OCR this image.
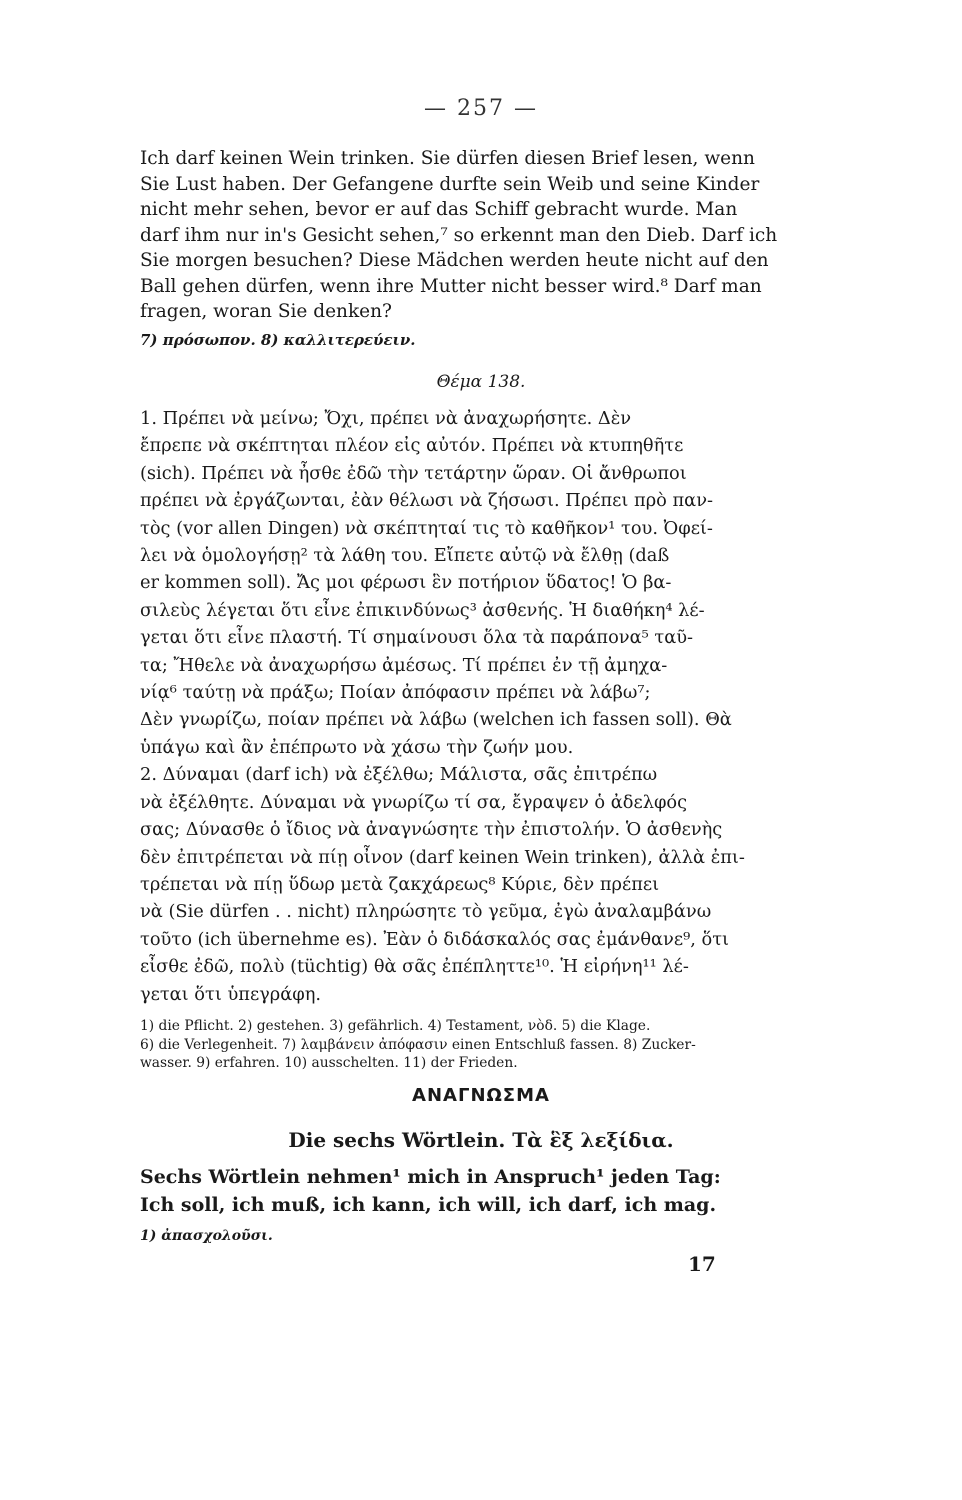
— 257 —
Ich darf keinen Wein trinken. Sie dürfen diesen Brief lesen, wenn
Sie Lust haben. Der Gefangene durfte sein Weib und seine Kinder
nicht mehr sehen, bevor er auf das Schiff gebracht wurde. Man
darf ihm nur in's Gesicht sehen,⁷ so erkennt man den Dieb. Darf ich
Sie morgen besuchen? Diese Mädchen werden heute nicht auf den
Ball gehen dürfen, wenn ihre Mutter nicht besser wird.⁸ Darf man
fragen, woran Sie denken?
7) πρόσωπον. 8) καλλιτερεύειν.
Θέμα 138.
1. Πρέπει νὰ μείνω; Ὄχι, πρέπει νὰ ἀναχωρήσητε. Δὲν
ἔπρεπε νὰ σκέπτηται πλέον εἰς αὐτόν. Πρέπει νὰ κτυπηθῆτε
(sich). Πρέπει νὰ ἦσθε ἐδῶ τὴν τετάρτην ὥραν. Οἱ ἄνθρωποι
πρέπει νὰ ἐργάζωνται, ἐὰν θέλωσι νὰ ζήσωσι. Πρέπει πρὸ παν-
τὸς (vor allen Dingen) νὰ σκέπτηταί τις τὸ καθῆκον¹ του. Ὀφεί-
λει νὰ ὁμολογήσῃ² τὰ λάθη του. Εἴπετε αὐτῷ νὰ ἔλθῃ (daß
er kommen soll). Ἄς μοι φέρωσι ἓν ποτήριον ὕδατος! Ὁ βα-
σιλεὺς λέγεται ὅτι εἶνε ἐπικινδύνως³ ἀσθενής. Ἡ διαθήκη⁴ λέ-
γεται ὅτι εἶνε πλαστή. Τί σημαίνουσι ὅλα τὰ παράπονα⁵ ταῦ-
τα; Ἤθελε νὰ ἀναχωρήσω ἀμέσως. Τί πρέπει ἐν τῇ ἀμηχα-
νίᾳ⁶ ταύτῃ νὰ πράξω; Ποίαν ἀπόφασιν πρέπει νὰ λάβω⁷;
Δὲν γνωρίζω, ποίαν πρέπει νὰ λάβω (welchen ich fassen soll). Θὰ
ὑπάγω καὶ ἂν ἐπέπρωτο νὰ χάσω τὴν ζωήν μου.
2. Δύναμαι (darf ich) νὰ ἐξέλθω; Μάλιστα, σᾶς ἐπιτρέπω
νὰ ἐξέλθητε. Δύναμαι νὰ γνωρίζω τί σα, ἔγραψεν ὁ ἀδελφός
σας; Δύνασθε ὁ ἴδιος νὰ ἀναγνώσητε τὴν ἐπιστολήν. Ὁ ἀσθενὴς
δὲν ἐπιτρέπεται νὰ πίῃ οἶνον (darf keinen Wein trinken), ἀλλὰ ἐπι-
τρέπεται νὰ πίῃ ὕδωρ μετὰ ζακχάρεως⁸ Κύριε, δὲν πρέπει
νὰ (Sie dürfen . . nicht) πληρώσητε τὸ γεῦμα, ἐγὼ ἀναλαμβάνω
τοῦτο (ich übernehme es). Ἐὰν ὁ διδάσκαλός σας ἐμάνθανε⁹, ὅτι
εἶσθε ἐδῶ, πολὺ (tüchtig) θὰ σᾶς ἐπέπληττε¹⁰. Ἡ εἰρήνη¹¹ λέ-
γεται ὅτι ὑπεγράφη.
1) die Pflicht. 2) gestehen. 3) gefährlich. 4) Testament, νὸδ. 5) die Klage.
6) die Verlegenheit. 7) λαμβάνειν ἀπόφασιν einen Entschluß fassen. 8) Zucker-
wasser. 9) erfahren. 10) ausschelten. 11) der Frieden.
ΑΝΑΓΝΩΣΜΑ
Die sechs Wörtlein. Τὰ ἓξ λεξίδια.
Sechs Wörtlein nehmen¹ mich in Anspruch¹ jeden Tag:
Ich soll, ich muß, ich kann, ich will, ich darf, ich mag.
1) ἀπασχολοῦσι.
17
